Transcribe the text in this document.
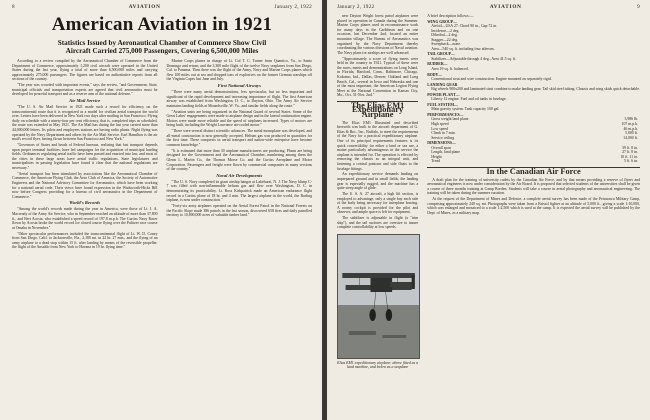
8	AVIATION	January 2, 1922
American Aviation in 1921
Statistics Issued by Aeronautical Chamber of Commerce Show Civil
Aircraft Carried 275,000 Passengers, Covering 6,500,000 Miles

According to a review compiled by the Aeronautical Chamber of Commerce from the Department of Commerce, approximately 1,200 civil aircraft were operated in the United States during the last year, flying a total of more than 6,500,000 miles and carrying approximately 275,000 passengers. The figures are based on authoritative reports from all sections of the country.

"The year was crowded with important events," says the review, "and Government, State, municipal officials and transportation experts are agreed that civil aeronautics must be developed for peaceful transport and as a reserve arm of the national defense."

Air Mail Service

"The U. S. Air Mail Service in 1921 made such a record for efficiency on the transcontinental route that it is recognized as a model for civilian aerial transport the world over. Letters have been delivered in New York two days after mailing in San Francisco. Flying daily on schedule with a ninety-four per cent efficiency, that is, completed trips as scheduled, the route was extended in May 1921. The Air Mail has during the last year carried more than 44,000,000 letters. Its pilots and employees stations are having radio plants. Night flying was operated by the Navy Department and others by the Air Mail Service. Earl Hamilton is the air mail's record flyer, having flown between San Francisco and New York."

"Governors of States and heads of Federal bureaus, realizing that fast transport depends upon proper terminal facilities, have led campaigns for the acquisition of municipal landing fields. Ordinances regulating aerial traffic have been passed and enacted into law, and most of the cities in these large areas have aerial traffic regulations. State legislatures and municipalities in passing legislation have found it clear that the national regulations are necessary."

"Aerial transport has been stimulated by associations like the Aeronautical Chamber of Commerce, the American Flying Club, the Aero Club of America, the Society of Automotive Engineers and the National Advisory Committee for Aeronautics, which have been working for a national aerial code. Their views have found expression in the Wadsworth-Hicks Bill now before Congress providing for a bureau of civil aeronautics in the Department of Commerce."

World's Records

"Among the world's records made during the year in America, were those of Lt. J. A. Macready of the Army Air Service, who in September reached an altitude of more than 37,800 ft., and Bert Acosta, who established a speed record of 197.8 m.p.h. The Curtiss Navy Racer flown by Acosta broke the world record for closed course flying over the Pulitzer race course at Omaha in November."

"Other spectacular performances included the transcontinental flight of Lt. W. D. Coney from San Diego, Calif. to Jacksonville, Fla., 2,180 mi. in 22 hr. 27 min., and the flying of an army airplane to a dead stop within 15 ft. after landing by means of the reversible propeller, the flight of the Ansaldo from New York to Havana in 19 hr. flying time."

Marine Corps planes in charge of Lt. Col T. C. Turner from Quantico, Va., to Santo Domingo and return; and the 3,300 mile flight of the twelve Navy seaplanes from San Diego, Cal. to Panama. Then there was the flight of the Army, Navy and Marine Corps planes which flew 100 miles out at sea and dropped tons of explosives on the former German warships off the Virginia Capes last June and July.

First National Airways

"There were many aerial demonstrations, less spectacular, but no less important and significant of the rapid development and increasing importance of flight. The first American airway was established from Washington, D. C., to Dayton, Ohio. The Army Air Service maintains landing fields at Moundsville, W. Va., and similar fields along the route."

"Aviation units are being organized in the National Guard of several States. Some of the Great Lakes' engagements were made to airplane design and in the lateral continuation engine. Motors were made more reliable and the speed of airplanes increased. Types of motors are being built, including the Wright Lawrance air-cooled motor."

"There were several distinct scientific advances. The metal monoplane was developed, and all-metal construction is now generally accepted. Helium gas was produced in quantities for the first time. These conquests in aerial transport and nation-wide enterprise have become common knowledge."

"It is estimated that more than 30 airplane manufacturers are producing. Plants are being designed for the Government and the Aeronautical Chamber, numbering among them the Glenn L. Martin Co., the Thomas Morse Co. and the Curtiss Aeroplane and Motor Corporation. Passengers and freight were flown by commercial companies in many sections of the country."

Naval Air Developments

"The U. S. Navy completed its giant airship hangar at Lakehurst, N. J. The Navy blimp C-7 was filled with non-inflammable helium gas and flew over Washington, D. C. in demonstrating its practicability. Lt. Ross Kirkpatrick made an American endurance flight record in a Curtiss plane of 18 hr. and 4 min. The largest airplane in the world, the Barling triplane, is now under construction."

"Forty-six army airplanes operated on the Aerial Forest Patrol in the National Forests on the Pacific Slope made 386 patrols in the last season, discovered 658 fires and daily patrolled territory to 10,800,000 acres of valuable timber land."

January 2, 1922	AVIATION	9

new Dayton Wright forest patrol airplanes were placed in operation in Canada during the Summer. Marine Corps planes used in reconnaissance work for many days in the Caribbean and on one occasion, last December 2nd, located an entire mountain village. The Bureau of Aeronautics was organized by the Navy Department thereby coordinating the various divisions of Naval aviation. The Navy plans for airships are well advanced.

"Approximately a score of flying meets were held in the country in 1921. Typical of these were the races, meets and demonstrations on Long Island, in Florida, Hartford, Conn., Baltimore, Chicago, Kokomo, Ind., Dallas, Denver, Oakland and Long Beach, Cal., several in Iowa and Nebraska and one of the most important, the American Legion Flying Meet at the National Convention in Kansas City, Mo., Oct. 31-Nov. 2nd."

The Elias EM1 Expeditionary Airplane

The Elias EM1 Illustrated and described herewith was built to the aircraft department of G. Elias & Bro., Inc., Buffalo, to meet the requirements of the Navy for a practical expeditionary airplane. One of its principal requirements features is its quick convertibility for either a land or sea use, a matter particularly advantageous in the service the airplane is intended for. The operation is effected by removing the chassis as an integral unit, and fastening a central pontoon and side floats to the fuselage fittings.

An expeditionary service demands landing on unprepared ground and in small fields, the landing gear is especially rugged, and the machine has a quite steep angle of glide.

The U. S. A. 27 aircraft, a high lift section, is employed to advantage, only a single bay each side of the body being necessary for interplane bracing. A roomy cockpit is provided for the pilot and observer, and ample space is left for equipment.

The stabilizer is adjustable in flight (a "trim ship"), and the tail surfaces are oversize to insure complete controllability at low speeds.

Elias EM1 expeditionary airplane: above fitted as a land machine, and below as a seaplane
A brief description follows:—
WING GROUP—
Airfoil—USA 27. Chord 90 in., Gap 72 in.
Incidence—2 deg.
Dihedral—2 deg.
Stagger—22 deg.
Sweepback—none.
Area—540 sq. ft. including four ailerons.
TAIL GROUP—
Stabilizer—Adjustable through 4 deg., Area 41.5 sq. ft.
RUDDER—
Area 19 sq. ft. balanced.
BODY—
Conventional strut and wire construction. Engine mounted on separately rigid.
LANDING GEAR
Big wheels 900x200 and laminated strut combine to make landing gear. Tail skid steel tubing. Chassis and wing skids quick detachable.
POWER PLANT—
Liberty 12 engine. Fuel and oil tanks in fuselage.
FUEL SYSTEM—
Main gravity system. Tank capacity 100 gal.
PERFORMANCES—
Gross weight land plane	3,986 lb.
High speed	107 m.p.h.
Low speed	46 m.p.h.
Climb in 7 min.	5,000 ft.
Service ceiling	14,000 ft.
DIMENSIONS—
Overall span	39 ft. 8 in.
Length, land plane	27 ft. 8 in.
Height	10 ft. 11 in.
Tread	5 ft. 6 in.
In the Canadian Air Force

A draft plan for the training of university cadets by the Canadian Air Force, and by that means providing a reserve of flyers and aeronautical engineers is now under consideration by the Air Board. It is proposed that selected students of the universities shall be given a course of three months training at Camp Borden. Students will take a course in aerial photography and aeronautical engineering. The training will be taken during the summer vacation.

At the request of the Department of Mines and Defence, a complete aerial survey has been made of the Petawawa Military Camp, comprising approximately 240 sq. mi. Photographs were taken from a Bristol fighter at an altitude of 5,000 ft., giving a scale 1:10,000, which was enlarged and mosaiced to a scale 1:2,500 which is used at the camp. It is expected the aerial survey will be published by the Dept. of Mines, as a military map.
